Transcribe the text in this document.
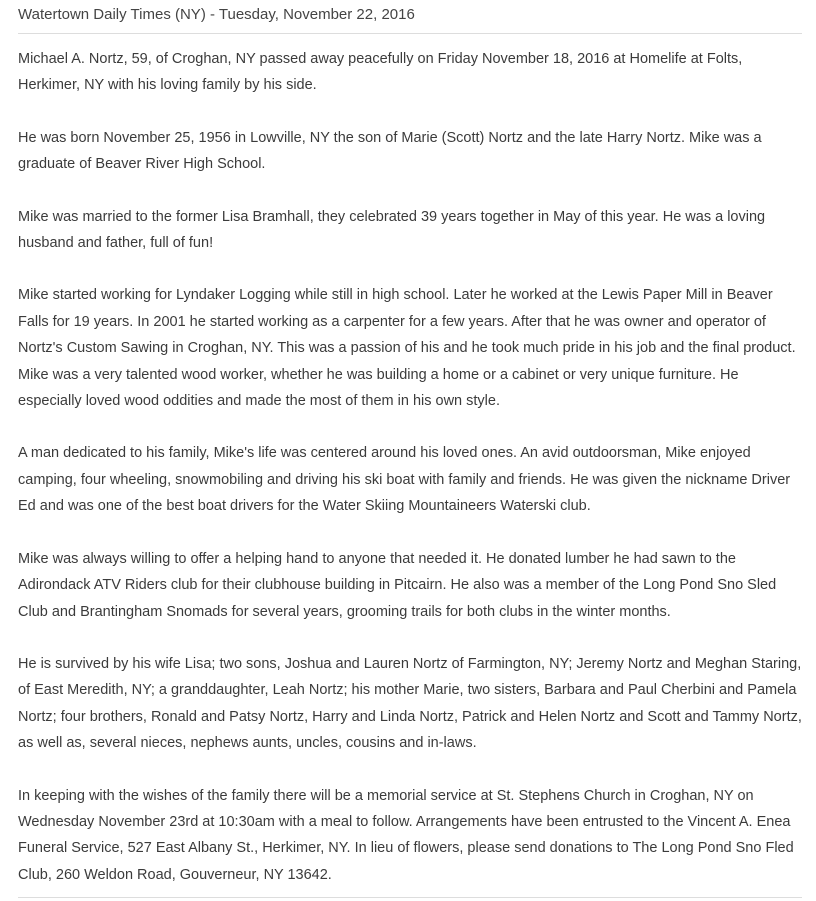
Watertown Daily Times (NY) - Tuesday, November 22, 2016

Michael A. Nortz, 59, of Croghan, NY passed away peacefully on Friday November 18, 2016 at Homelife at Folts, Herkimer, NY with his loving family by his side.

He was born November 25, 1956 in Lowville, NY the son of Marie (Scott) Nortz and the late Harry Nortz. Mike was a graduate of Beaver River High School.

Mike was married to the former Lisa Bramhall, they celebrated 39 years together in May of this year. He was a loving husband and father, full of fun!

Mike started working for Lyndaker Logging while still in high school. Later he worked at the Lewis Paper Mill in Beaver Falls for 19 years. In 2001 he started working as a carpenter for a few years. After that he was owner and operator of Nortz's Custom Sawing in Croghan, NY. This was a passion of his and he took much pride in his job and the final product. Mike was a very talented wood worker, whether he was building a home or a cabinet or very unique furniture. He especially loved wood oddities and made the most of them in his own style.

A man dedicated to his family, Mike's life was centered around his loved ones. An avid outdoorsman, Mike enjoyed camping, four wheeling, snowmobiling and driving his ski boat with family and friends. He was given the nickname Driver Ed and was one of the best boat drivers for the Water Skiing Mountaineers Waterski club.

Mike was always willing to offer a helping hand to anyone that needed it. He donated lumber he had sawn to the Adirondack ATV Riders club for their clubhouse building in Pitcairn. He also was a member of the Long Pond Sno Sled Club and Brantingham Snomads for several years, grooming trails for both clubs in the winter months.

He is survived by his wife Lisa; two sons, Joshua and Lauren Nortz of Farmington, NY; Jeremy Nortz and Meghan Staring, of East Meredith, NY; a granddaughter, Leah Nortz; his mother Marie, two sisters, Barbara and Paul Cherbini and Pamela Nortz; four brothers, Ronald and Patsy Nortz, Harry and Linda Nortz, Patrick and Helen Nortz and Scott and Tammy Nortz, as well as, several nieces, nephews aunts, uncles, cousins and in-laws.

In keeping with the wishes of the family there will be a memorial service at St. Stephens Church in Croghan, NY on Wednesday November 23rd at 10:30am with a meal to follow. Arrangements have been entrusted to the Vincent A. Enea Funeral Service, 527 East Albany St., Herkimer, NY. In lieu of flowers, please send donations to The Long Pond Sno Fled Club, 260 Weldon Road, Gouverneur, NY 13642.
